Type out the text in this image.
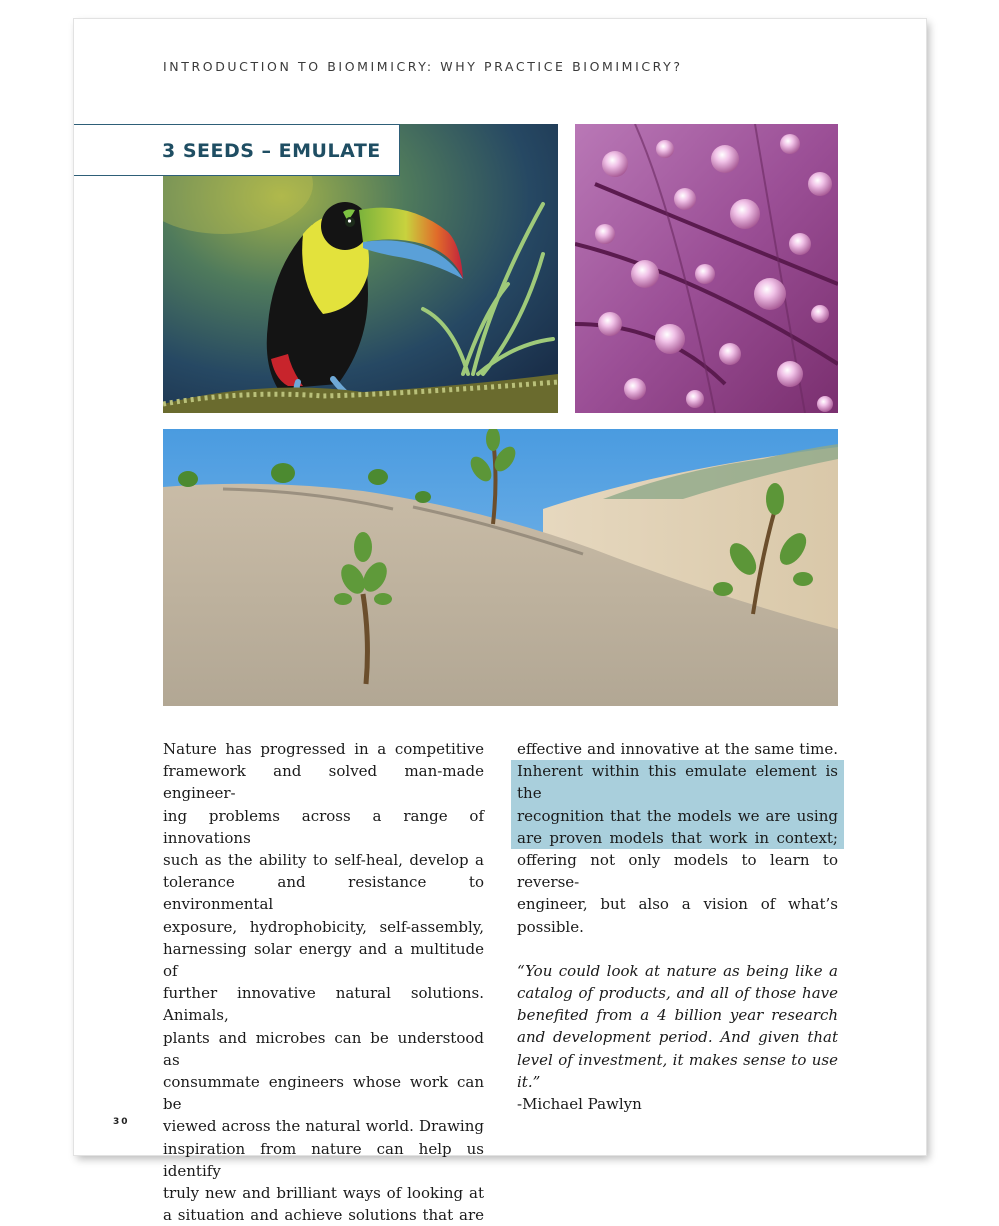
INTRODUCTION TO BIOMIMICRY: WHY PRACTICE BIOMIMICRY?
3 SEEDS – EMULATE

Nature has progressed in a competitive

framework and solved man-made engineer-

ing problems across a range of innovations

such as the ability to self-heal, develop a

tolerance and resistance to environmental

exposure, hydrophobicity, self-assembly,

harnessing solar energy and a multitude of

further innovative natural solutions. Animals,

plants and microbes can be understood as

consummate engineers whose work can be

viewed across the natural world. Drawing

inspiration from nature can help us identify

truly new and brilliant ways of looking at

a situation and achieve solutions that are

effective and innovative at the same time.

Inherent within this emulate element is the

recognition that the models we are using

are proven models that work in context;

offering not only models to learn to reverse-

engineer, but also a vision of what’s possible.

“You could look at nature as being like a

catalog of products, and all of those have

benefited from a 4 billion year research

and development period. And given that

level of investment, it makes sense to use it.”

-Michael Pawlyn

30
